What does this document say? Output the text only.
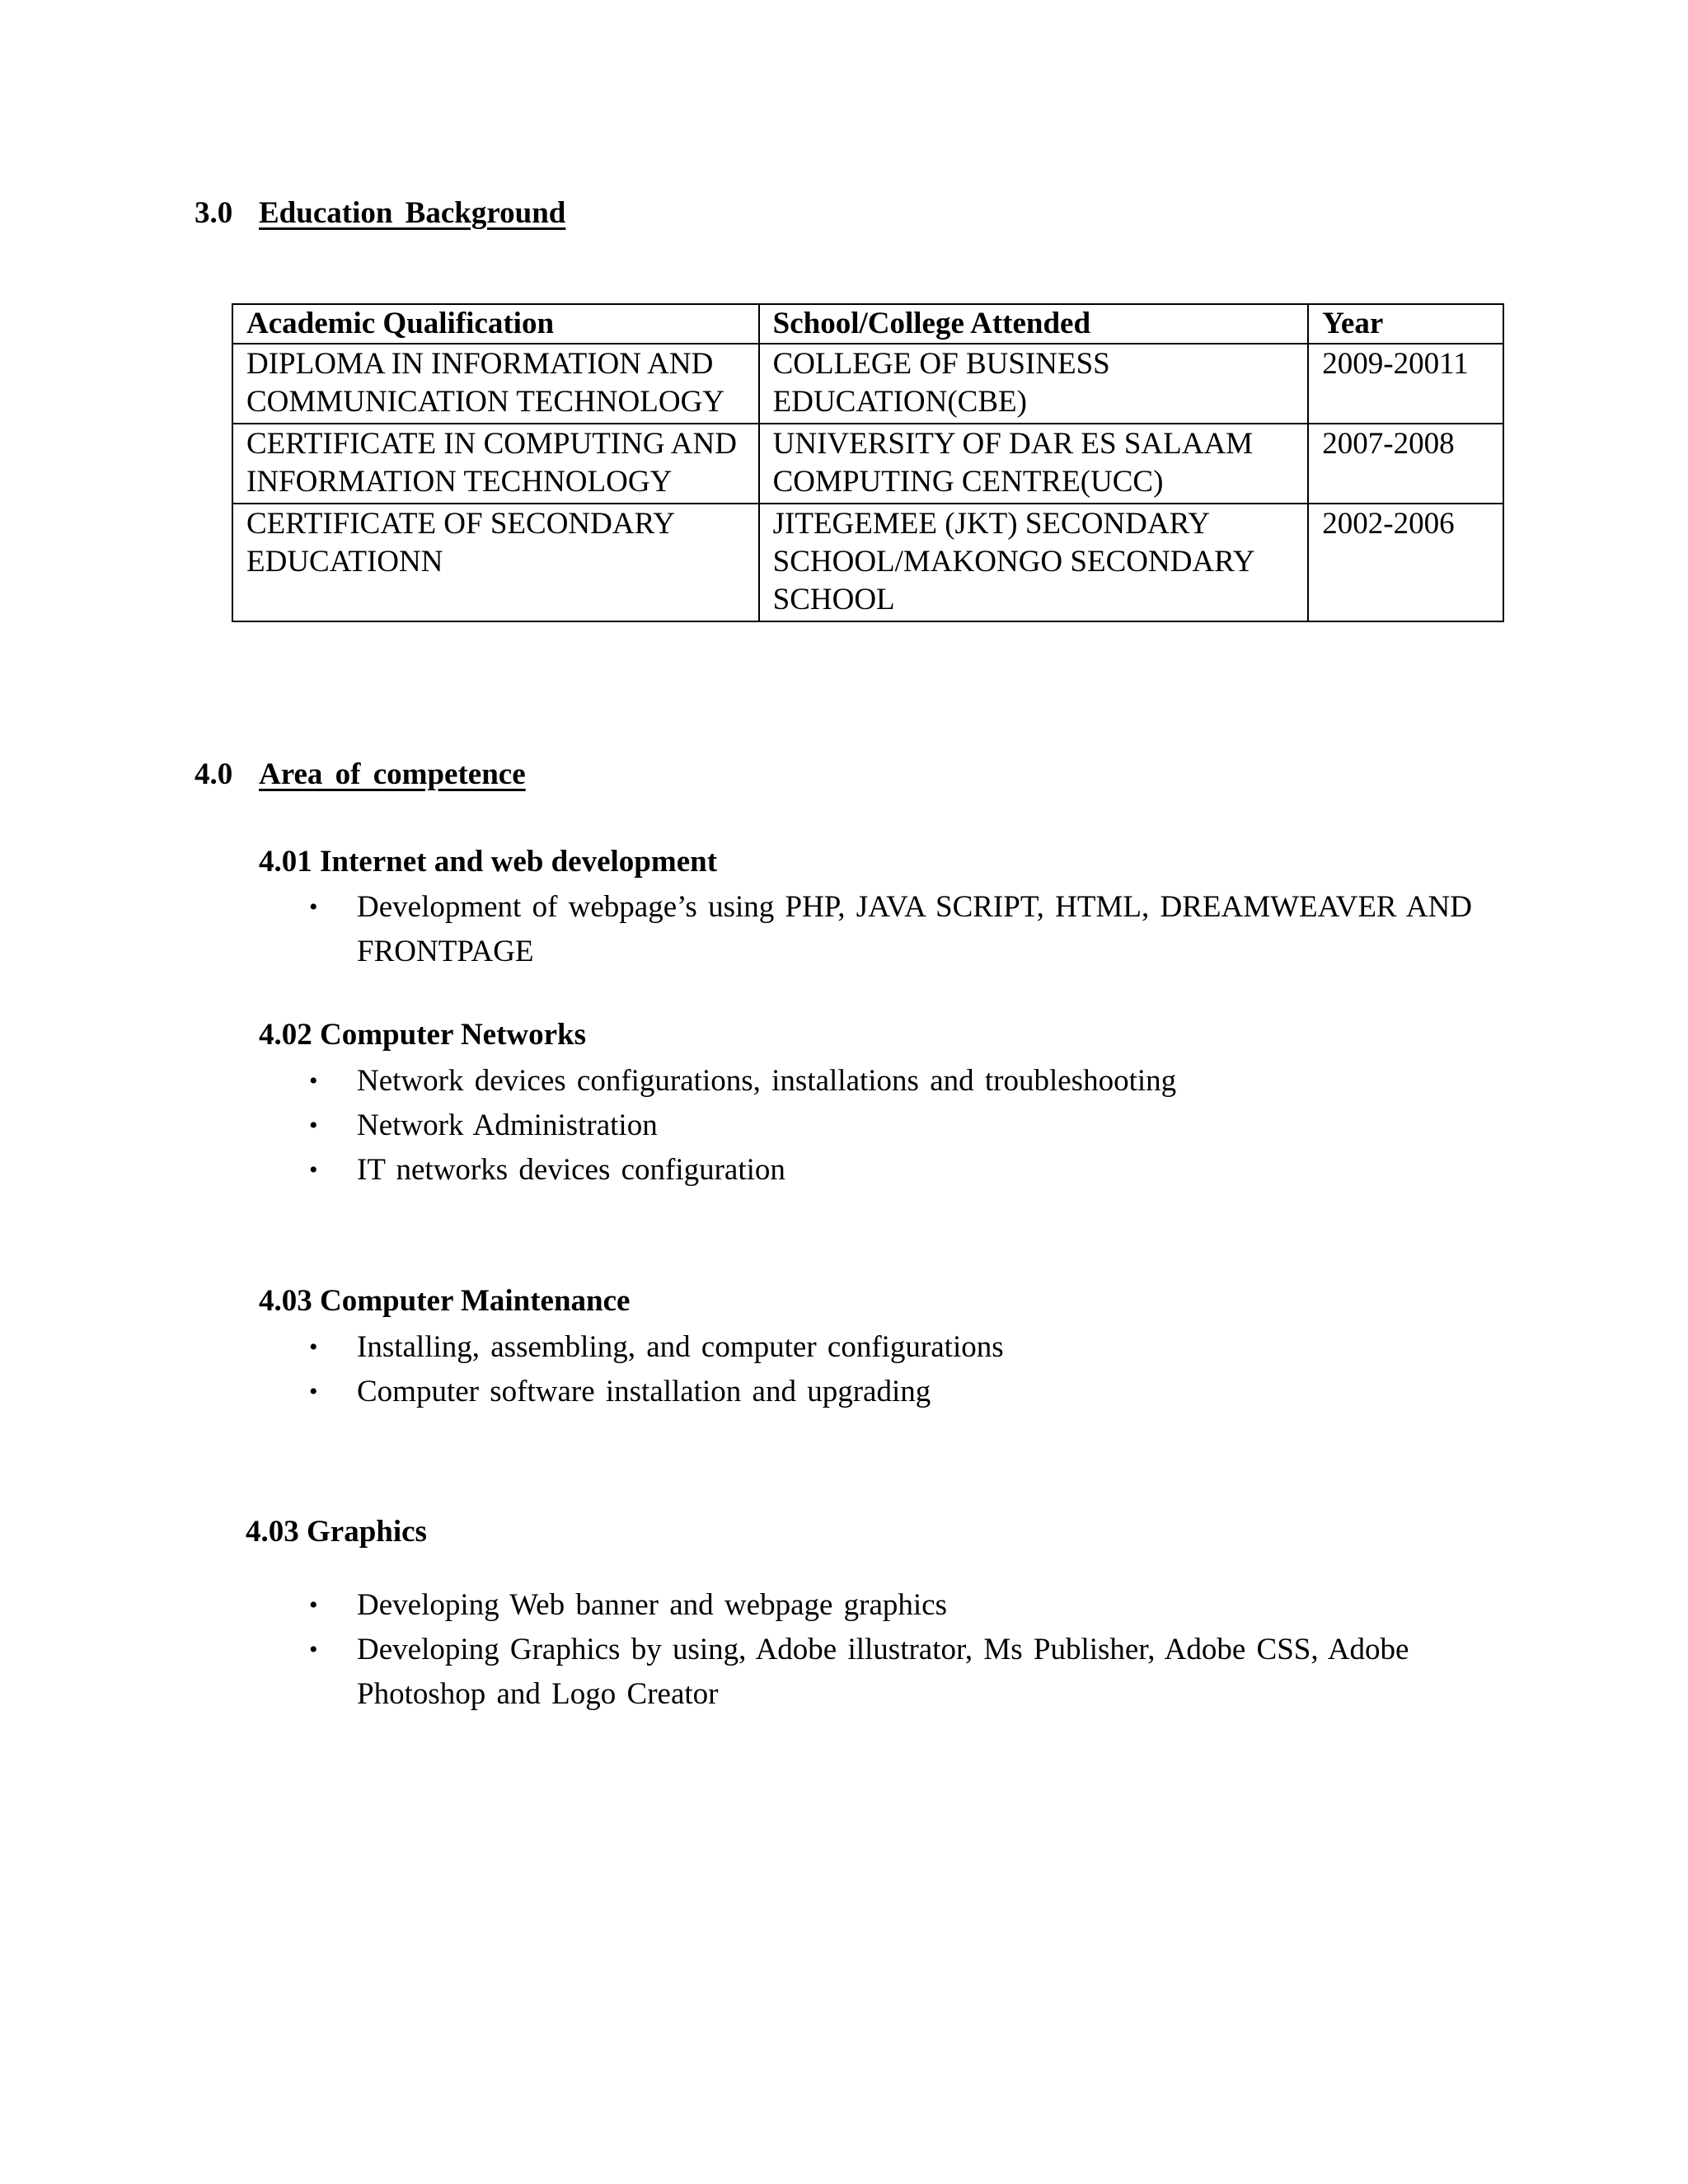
3.0 Education Background
Academic Qualification	School/College Attended	Year
DIPLOMA IN INFORMATION AND COMMUNICATION TECHNOLOGY	COLLEGE OF BUSINESS EDUCATION(CBE)	2009-20011
CERTIFICATE IN COMPUTING AND INFORMATION TECHNOLOGY	UNIVERSITY OF DAR ES SALAAM COMPUTING CENTRE(UCC)	2007-2008
CERTIFICATE OF SECONDARY EDUCATIONN	JITEGEMEE (JKT) SECONDARY SCHOOL/MAKONGO SECONDARY SCHOOL	2002-2006
4.0 Area of competence
4.01 Internet and web development
• Development of webpage’s using PHP, JAVA SCRIPT, HTML, DREAMWEAVER AND FRONTPAGE
4.02 Computer Networks
• Network devices configurations, installations and troubleshooting
• Network Administration
• IT networks devices configuration
4.03 Computer Maintenance
• Installing, assembling, and computer configurations
• Computer software installation and upgrading
4.03 Graphics
• Developing Web banner and webpage graphics
• Developing Graphics by using, Adobe illustrator, Ms Publisher, Adobe CSS, Adobe Photoshop and Logo Creator
